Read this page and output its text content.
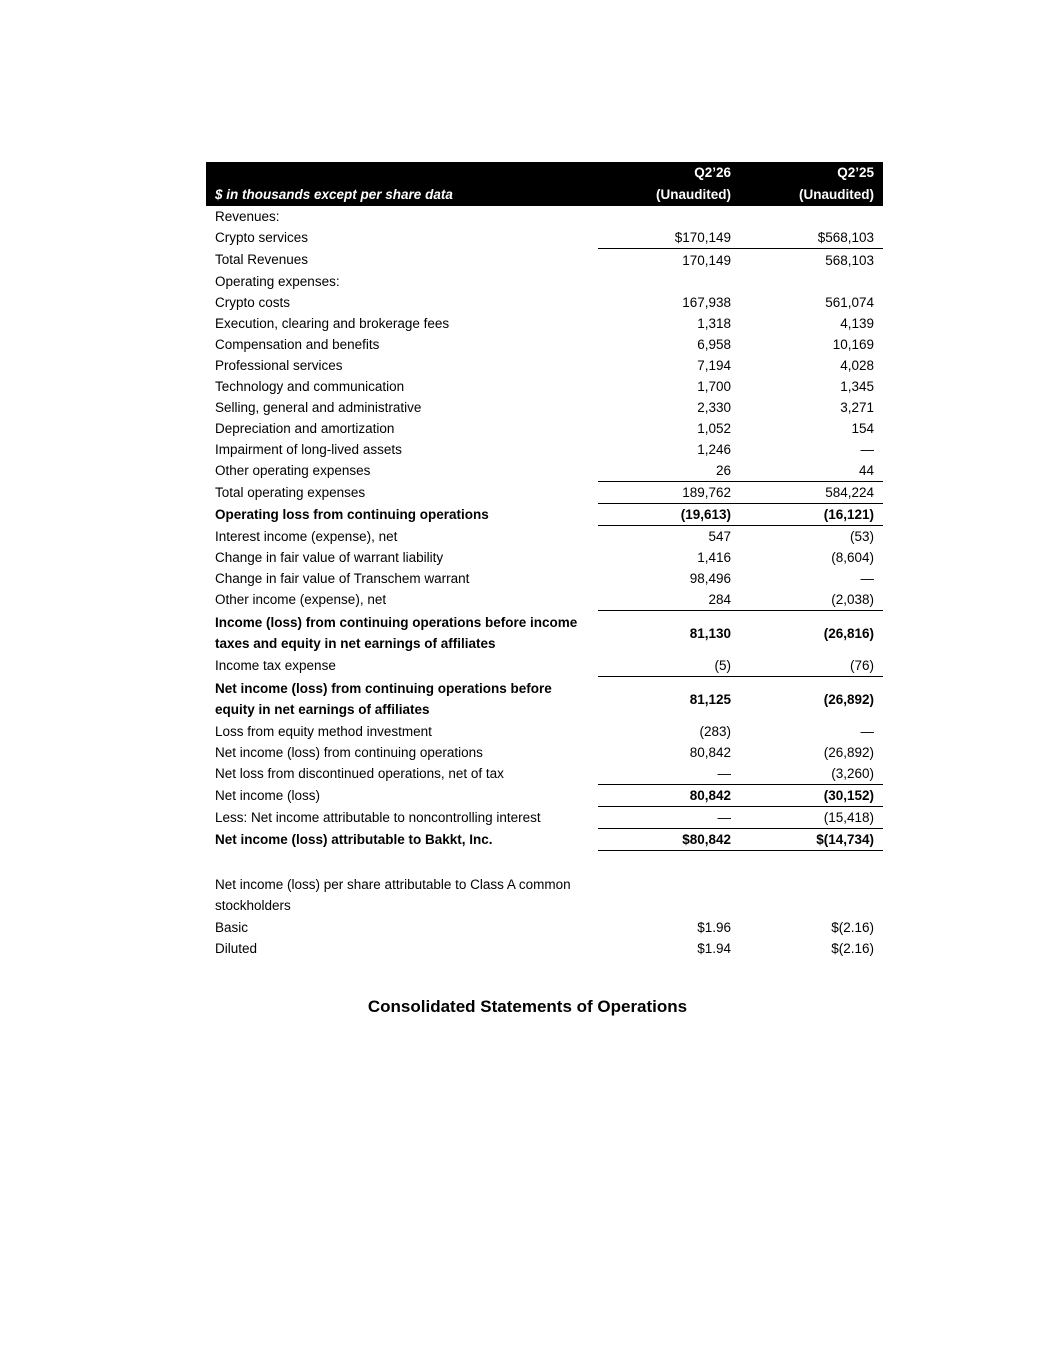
	Q2’26	Q2’25
$ in thousands except per share data	(Unaudited)	(Unaudited)
Revenues:		
Crypto services	$170,149	$568,103
Total Revenues	170,149	568,103
Operating expenses:		
Crypto costs	167,938	561,074
Execution, clearing and brokerage fees	1,318	4,139
Compensation and benefits	6,958	10,169
Professional services	7,194	4,028
Technology and communication	1,700	1,345
Selling, general and administrative	2,330	3,271
Depreciation and amortization	1,052	154
Impairment of long-lived assets	1,246	—
Other operating expenses	26	44
Total operating expenses	189,762	584,224
Operating loss from continuing operations	(19,613)	(16,121)
Interest income (expense), net	547	(53)
Change in fair value of warrant liability	1,416	(8,604)
Change in fair value of Transchem warrant	98,496	—
Other income (expense), net	284	(2,038)
Income (loss) from continuing operations before income taxes and equity in net earnings of affiliates	81,130	(26,816)
Income tax expense	(5)	(76)
Net income (loss) from continuing operations before equity in net earnings of affiliates	81,125	(26,892)
Loss from equity method investment	(283)	—
Net income (loss) from continuing operations	80,842	(26,892)
Net loss from discontinued operations, net of tax	—	(3,260)
Net income (loss)	80,842	(30,152)
Less: Net income attributable to noncontrolling interest	—	(15,418)
Net income (loss) attributable to Bakkt, Inc.	$80,842	$(14,734)

Net income (loss) per share attributable to Class A common stockholders		
Basic	$1.96	$(2.16)
Diluted	$1.94	$(2.16)
Consolidated Statements of Operations
